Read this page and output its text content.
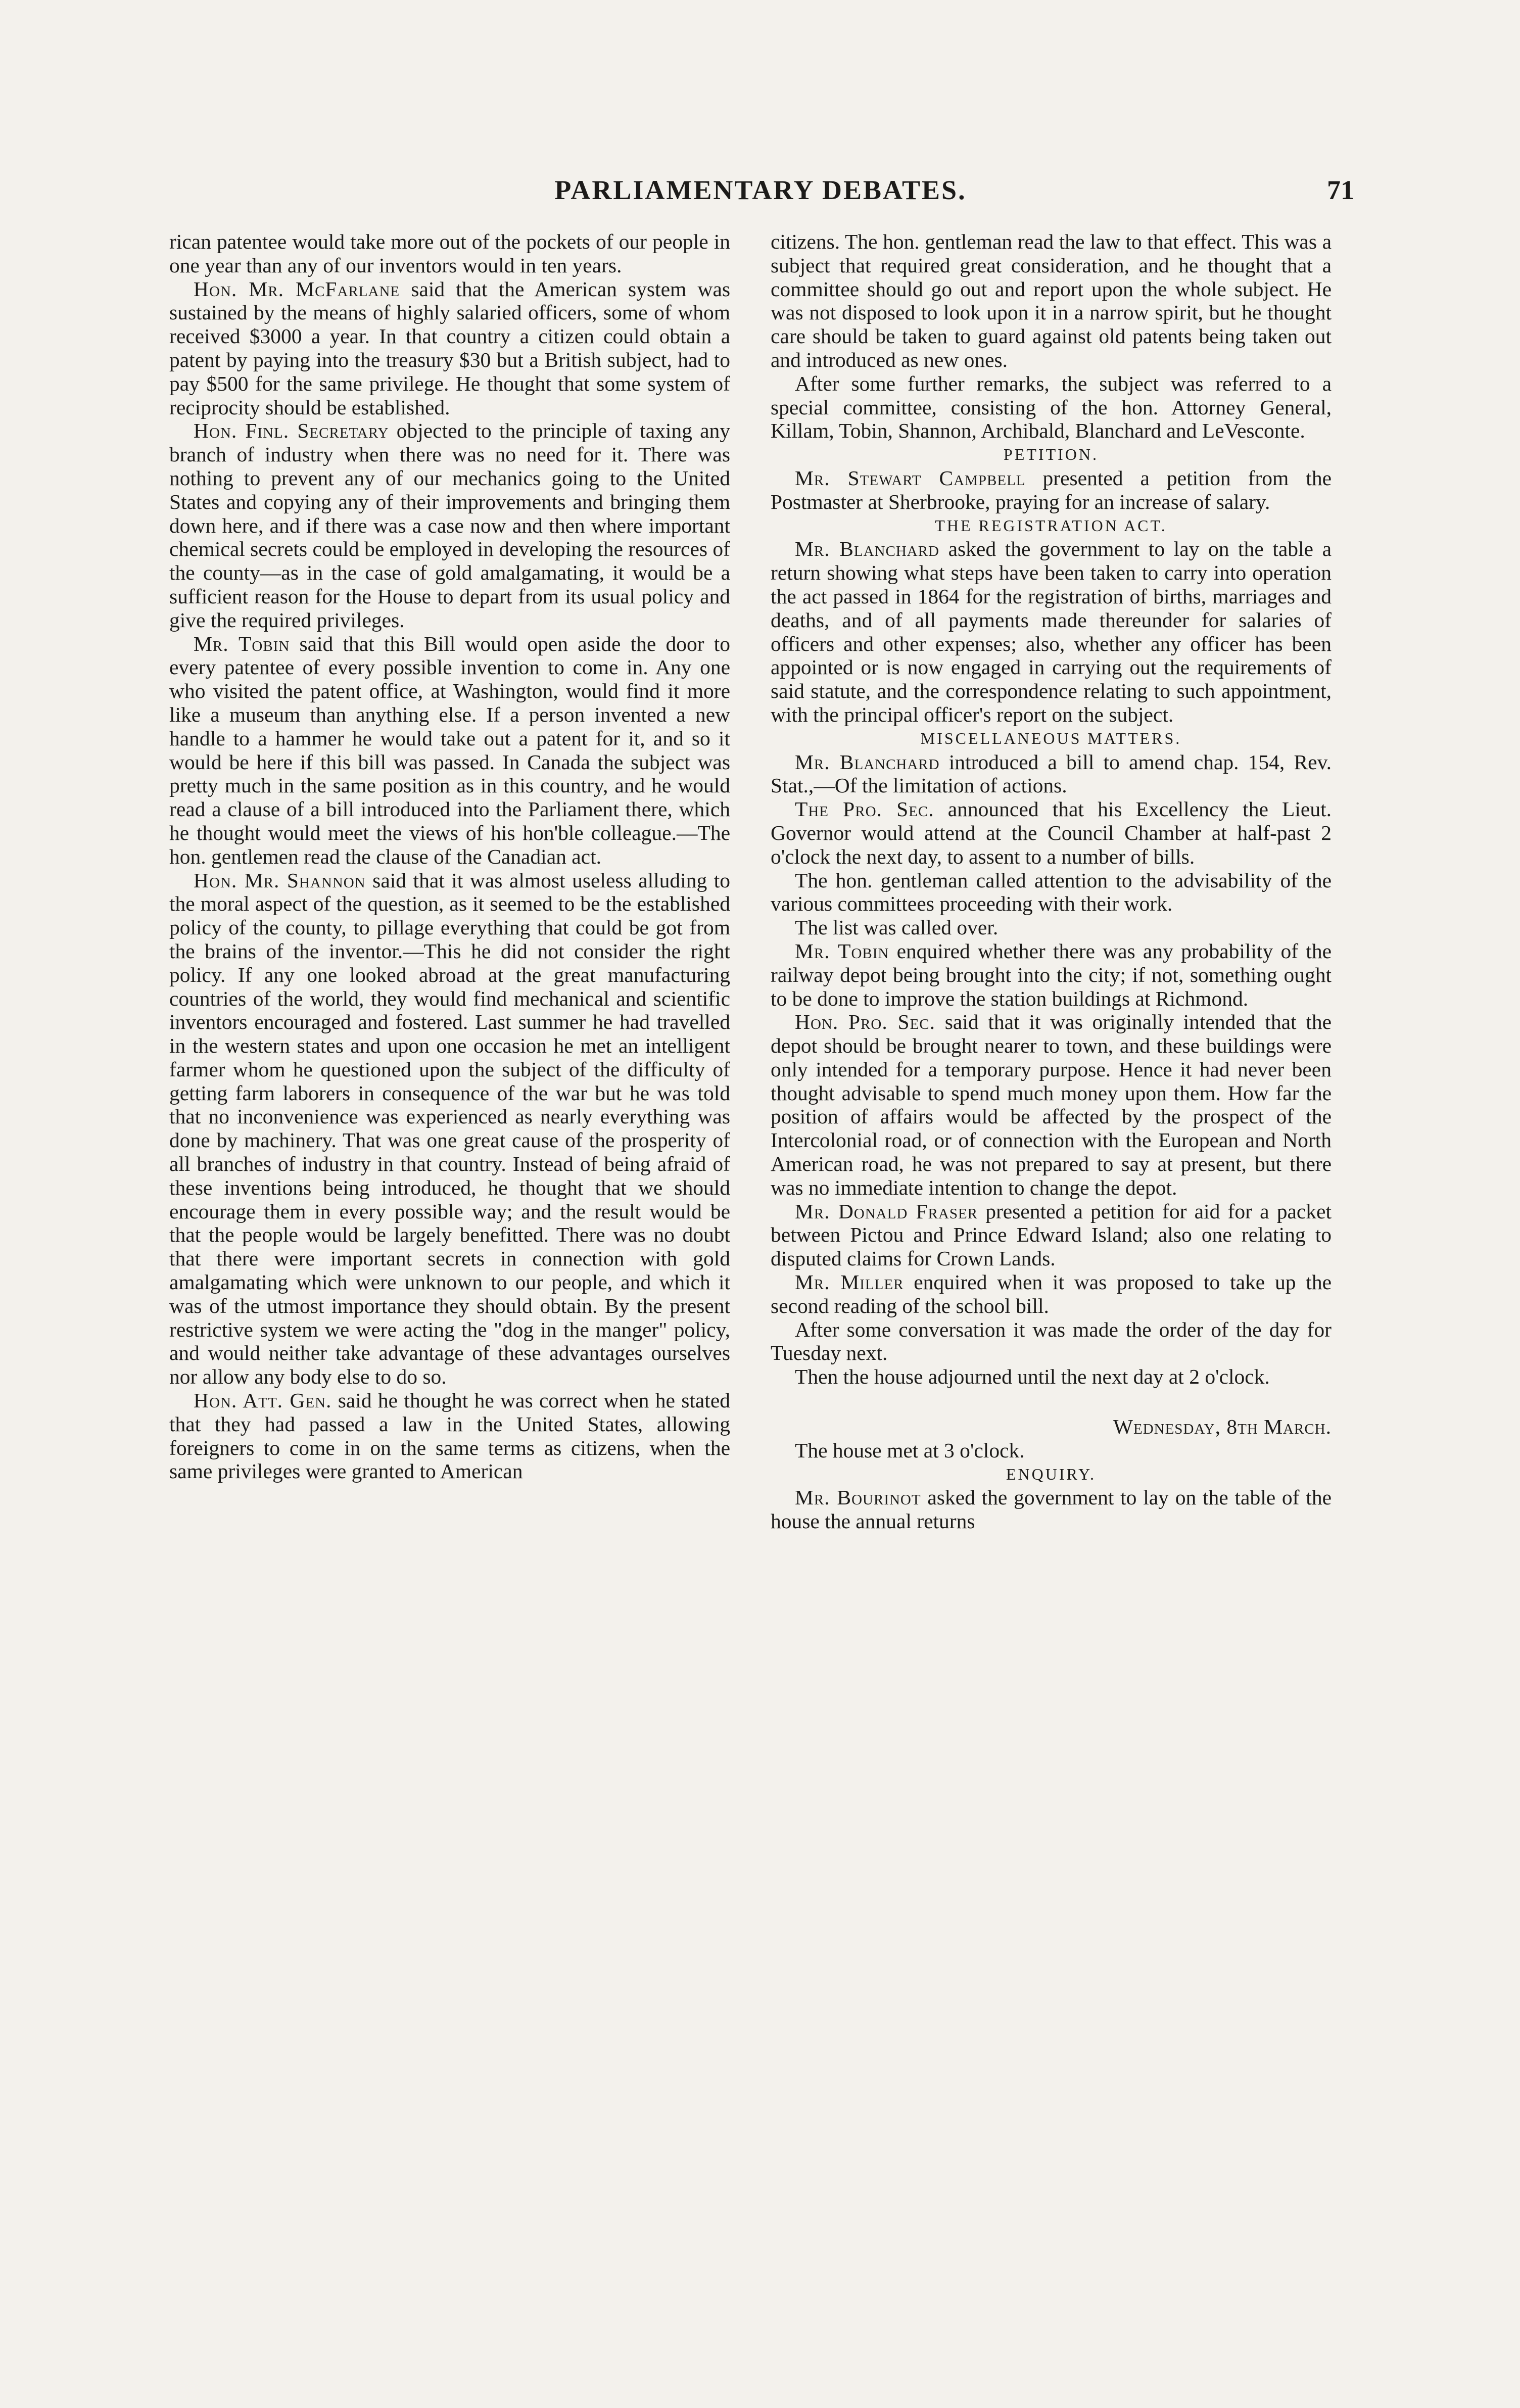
PARLIAMENTARY DEBATES.	71

rican patentee would take more out of the pockets of our people in one year than any of our inventors would in ten years.

Hon. Mr. McFarlane said that the American system was sustained by the means of highly salaried officers, some of whom received $3000 a year. In that country a citizen could obtain a patent by paying into the treasury $30 but a British subject, had to pay $500 for the same privilege. He thought that some system of reciprocity should be established.

Hon. Finl. Secretary objected to the principle of taxing any branch of industry when there was no need for it. There was nothing to prevent any of our mechanics going to the United States and copying any of their improvements and bringing them down here, and if there was a case now and then where important chemical secrets could be employed in developing the resources of the county—as in the case of gold amalgamating, it would be a sufficient reason for the House to depart from its usual policy and give the required privileges.

Mr. Tobin said that this Bill would open aside the door to every patentee of every possible invention to come in. Any one who visited the patent office, at Washington, would find it more like a museum than anything else. If a person invented a new handle to a hammer he would take out a patent for it, and so it would be here if this bill was passed. In Canada the subject was pretty much in the same position as in this country, and he would read a clause of a bill introduced into the Parliament there, which he thought would meet the views of his hon'ble colleague.—The hon. gentlemen read the clause of the Canadian act.

Hon. Mr. Shannon said that it was almost useless alluding to the moral aspect of the question, as it seemed to be the established policy of the county, to pillage everything that could be got from the brains of the inventor.—This he did not consider the right policy. If any one looked abroad at the great manufacturing countries of the world, they would find mechanical and scientific inventors encouraged and fostered. Last summer he had travelled in the western states and upon one occasion he met an intelligent farmer whom he questioned upon the subject of the difficulty of getting farm laborers in consequence of the war but he was told that no inconvenience was experienced as nearly everything was done by machinery. That was one great cause of the prosperity of all branches of industry in that country. Instead of being afraid of these inventions being introduced, he thought that we should encourage them in every possible way; and the result would be that the people would be largely benefitted. There was no doubt that there were important secrets in connection with gold amalgamating which were unknown to our people, and which it was of the utmost importance they should obtain. By the present restrictive system we were acting the "dog in the manger" policy, and would neither take advantage of these advantages ourselves nor allow any body else to do so.

Hon. Att. Gen. said he thought he was correct when he stated that they had passed a law in the United States, allowing foreigners to come in on the same terms as citizens, when the same privileges were granted to American

citizens. The hon. gentleman read the law to that effect. This was a subject that required great consideration, and he thought that a committee should go out and report upon the whole subject. He was not disposed to look upon it in a narrow spirit, but he thought care should be taken to guard against old patents being taken out and introduced as new ones.

After some further remarks, the subject was referred to a special committee, consisting of the hon. Attorney General, Killam, Tobin, Shannon, Archibald, Blanchard and LeVesconte.

PETITION.

Mr. Stewart Campbell presented a petition from the Postmaster at Sherbrooke, praying for an increase of salary.

THE REGISTRATION ACT.

Mr. Blanchard asked the government to lay on the table a return showing what steps have been taken to carry into operation the act passed in 1864 for the registration of births, marriages and deaths, and of all payments made thereunder for salaries of officers and other expenses; also, whether any officer has been appointed or is now engaged in carrying out the requirements of said statute, and the correspondence relating to such appointment, with the principal officer's report on the subject.

MISCELLANEOUS MATTERS.

Mr. Blanchard introduced a bill to amend chap. 154, Rev. Stat.,—Of the limitation of actions.

The Pro. Sec. announced that his Excellency the Lieut. Governor would attend at the Council Chamber at half-past 2 o'clock the next day, to assent to a number of bills.

The hon. gentleman called attention to the advisability of the various committees proceeding with their work.

The list was called over.

Mr. Tobin enquired whether there was any probability of the railway depot being brought into the city; if not, something ought to be done to improve the station buildings at Richmond.

Hon. Pro. Sec. said that it was originally intended that the depot should be brought nearer to town, and these buildings were only intended for a temporary purpose. Hence it had never been thought advisable to spend much money upon them. How far the position of affairs would be affected by the prospect of the Intercolonial road, or of connection with the European and North American road, he was not prepared to say at present, but there was no immediate intention to change the depot.

Mr. Donald Fraser presented a petition for aid for a packet between Pictou and Prince Edward Island; also one relating to disputed claims for Crown Lands.

Mr. Miller enquired when it was proposed to take up the second reading of the school bill.

After some conversation it was made the order of the day for Tuesday next.

Then the house adjourned until the next day at 2 o'clock.

Wednesday, 8th March.

The house met at 3 o'clock.

ENQUIRY.

Mr. Bourinot asked the government to lay on the table of the house the annual returns
